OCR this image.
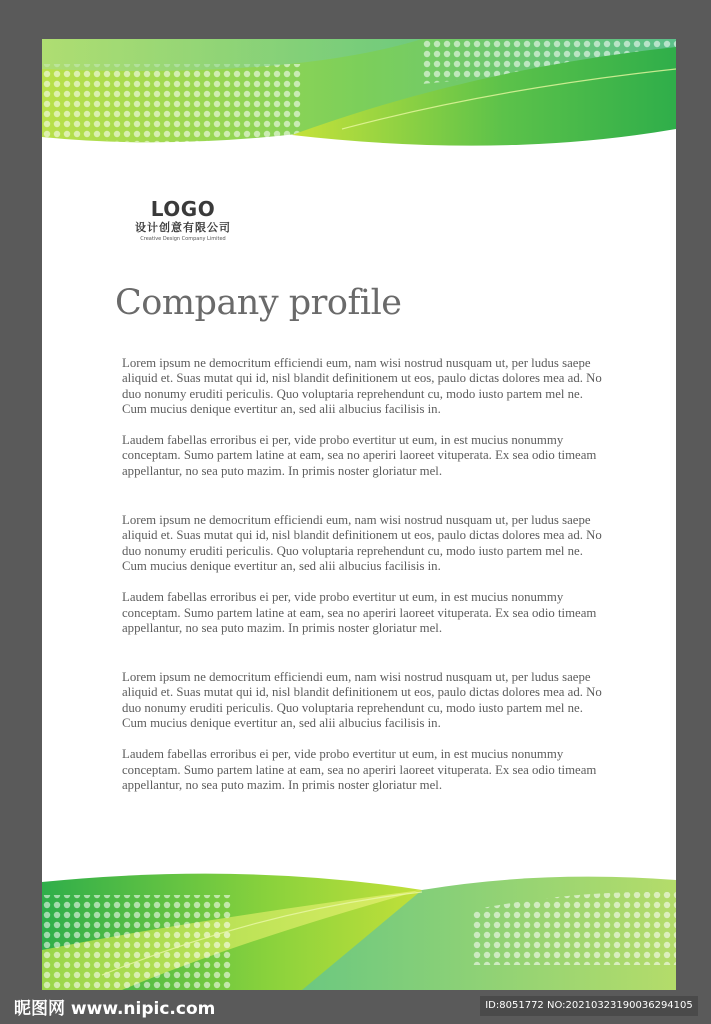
LOGO
设计创意有限公司
Creative Design Company Limited
Company profile

Lorem ipsum ne democritum efficiendi eum, nam wisi nostrud nusquam ut, per ludus saepe aliquid et. Suas mutat qui id, nisl blandit definitionem ut eos, paulo dictas dolores mea ad. No duo nonumy eruditi periculis. Quo voluptaria reprehendunt cu, modo iusto partem mel ne. Cum mucius denique evertitur an, sed alii albucius facilisis in.

Laudem fabellas erroribus ei per, vide probo evertitur ut eum, in est mucius nonummy conceptam. Sumo partem latine at eam, sea no aperiri laoreet vituperata. Ex sea odio timeam appellantur, no sea puto mazim. In primis noster gloriatur mel.

Lorem ipsum ne democritum efficiendi eum, nam wisi nostrud nusquam ut, per ludus saepe aliquid et. Suas mutat qui id, nisl blandit definitionem ut eos, paulo dictas dolores mea ad. No duo nonumy eruditi periculis. Quo voluptaria reprehendunt cu, modo iusto partem mel ne. Cum mucius denique evertitur an, sed alii albucius facilisis in.

Laudem fabellas erroribus ei per, vide probo evertitur ut eum, in est mucius nonummy conceptam. Sumo partem latine at eam, sea no aperiri laoreet vituperata. Ex sea odio timeam appellantur, no sea puto mazim. In primis noster gloriatur mel.

Lorem ipsum ne democritum efficiendi eum, nam wisi nostrud nusquam ut, per ludus saepe aliquid et. Suas mutat qui id, nisl blandit definitionem ut eos, paulo dictas dolores mea ad. No duo nonumy eruditi periculis. Quo voluptaria reprehendunt cu, modo iusto partem mel ne. Cum mucius denique evertitur an, sed alii albucius facilisis in.

Laudem fabellas erroribus ei per, vide probo evertitur ut eum, in est mucius nonummy conceptam. Sumo partem latine at eam, sea no aperiri laoreet vituperata. Ex sea odio timeam appellantur, no sea puto mazim. In primis noster gloriatur mel.

昵图网 www.nipic.com	ID:8051772 NO:20210323190036294105
